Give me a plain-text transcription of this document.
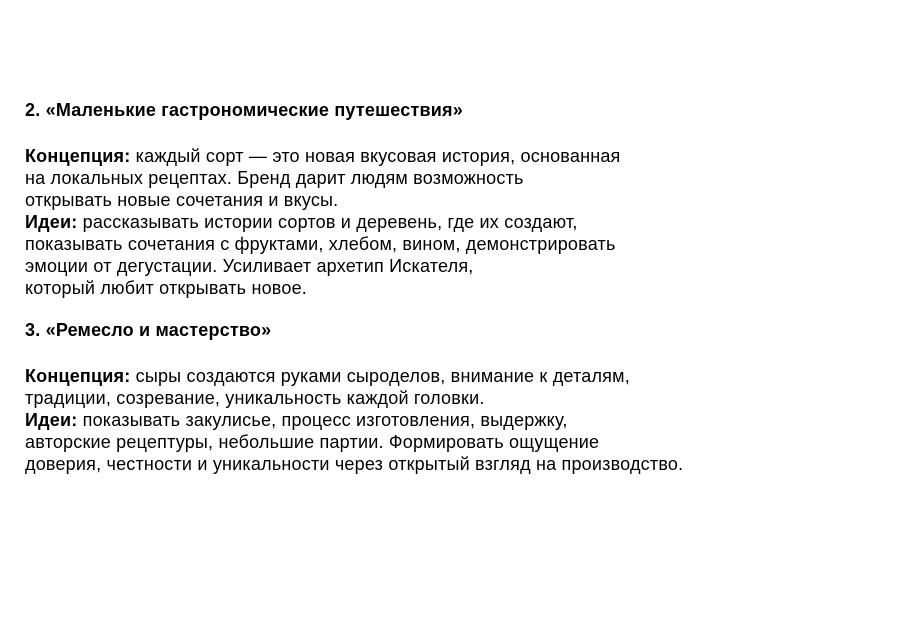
2. «Маленькие гастрономические путешествия»
Концепция: каждый сорт — это новая вкусовая история, основанная
на локальных рецептах. Бренд дарит людям возможность
открывать новые сочетания и вкусы.
Идеи: рассказывать истории сортов и деревень, где их создают,
показывать сочетания с фруктами, хлебом, вином, демонстрировать
эмоции от дегустации. Усиливает архетип Искателя,
который любит открывать новое.
3. «Ремесло и мастерство»
Концепция: сыры создаются руками сыроделов, внимание к деталям,
традиции, созревание, уникальность каждой головки.
Идеи: показывать закулисье, процесс изготовления, выдержку,
авторские рецептуры, небольшие партии. Формировать ощущение
доверия, честности и уникальности через открытый взгляд на производство.
